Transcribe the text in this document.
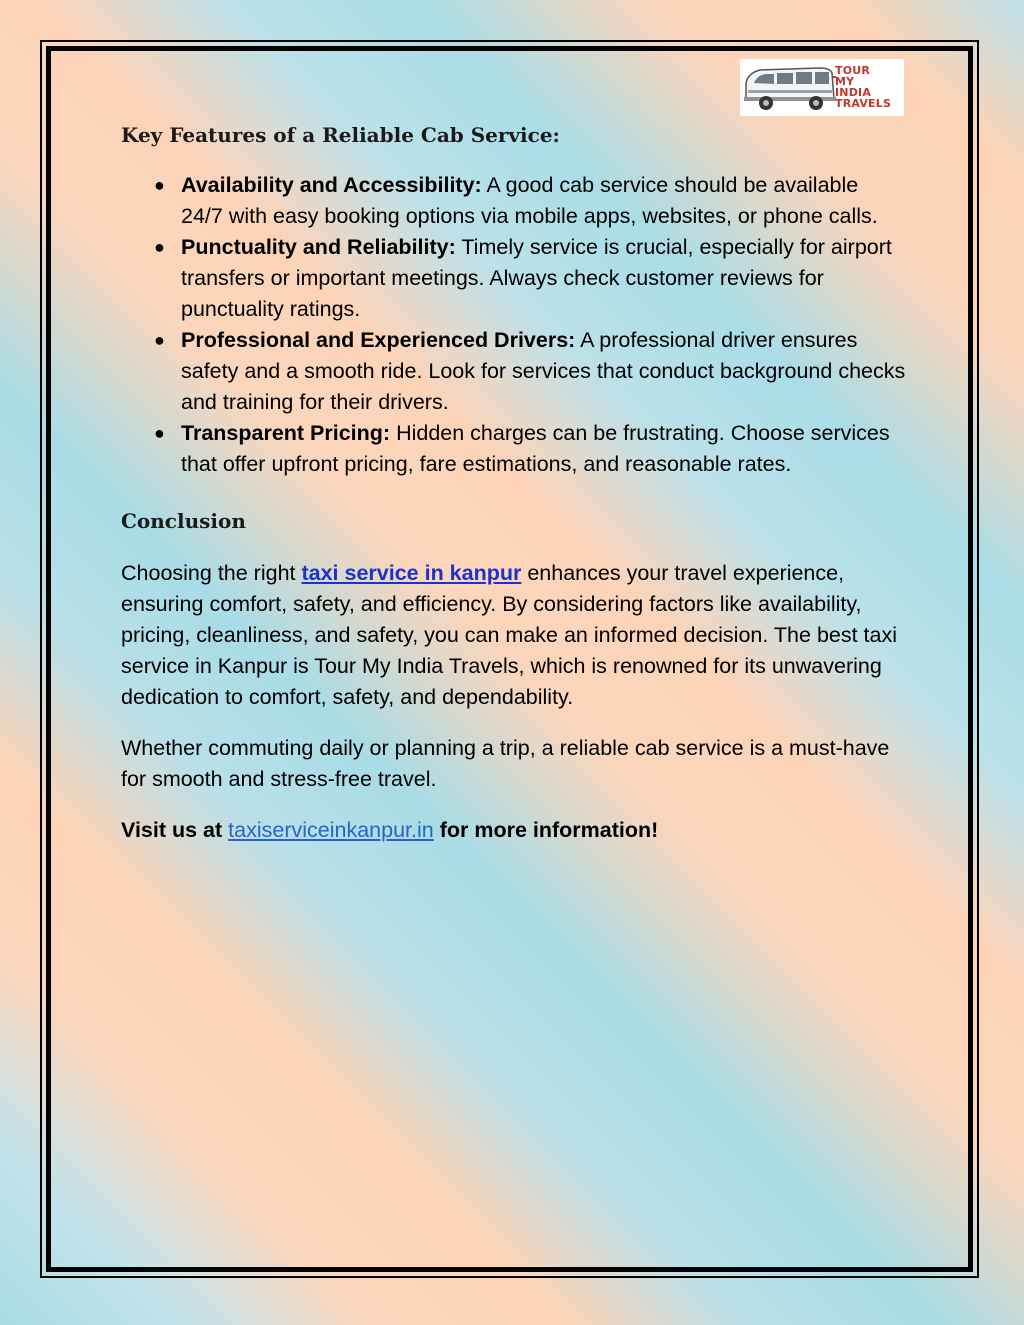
TOUR
MY
INDIA
TRAVELS
Key Features of a Reliable Cab Service:
● Availability and Accessibility: A good cab service should be available 24/7 with easy booking options via mobile apps, websites, or phone calls.
● Punctuality and Reliability: Timely service is crucial, especially for airport transfers or important meetings. Always check customer reviews for punctuality ratings.
● Professional and Experienced Drivers: A professional driver ensures safety and a smooth ride. Look for services that conduct background checks and training for their drivers.
● Transparent Pricing: Hidden charges can be frustrating. Choose services that offer upfront pricing, fare estimations, and reasonable rates.
Conclusion

Choosing the right taxi service in kanpur enhances your travel experience, ensuring comfort, safety, and efficiency. By considering factors like availability, pricing, cleanliness, and safety, you can make an informed decision. The best taxi service in Kanpur is Tour My India Travels, which is renowned for its unwavering dedication to comfort, safety, and dependability.

Whether commuting daily or planning a trip, a reliable cab service is a must-have for smooth and stress-free travel.

Visit us at taxiserviceinkanpur.in for more information!
